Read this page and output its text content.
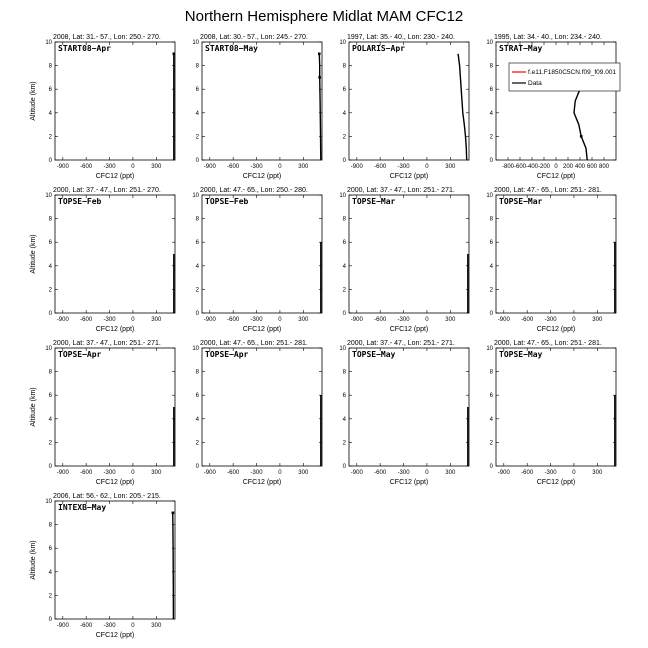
Northern Hemisphere Midlat MAM CFC12
2008, Lat: 31.- 57., Lon: 250.- 270.
START08−Apr
0
2
4
6
8
10
-900 -600 -300	0	300
CFC12 (ppt)
Altitude (km)
2008, Lat: 30.- 57., Lon: 245.- 270.
START08−May
0
2
4
6
8
10
-900 -600 -300	0	300
CFC12 (ppt)
1997, Lat: 35.- 40., Lon: 230.- 240.
POLARIS−Apr
0
2
4
6
8
10
-900 -600 -300	0	300
CFC12 (ppt)
1995, Lat: 34.- 40., Lon: 234.- 240.
STRAT−May
0
2
4
6
8
10
-800 -600 -400 -200 0 200 400 600 800
CFC12 (ppt)
f.e11.F1850C5CN.f09_f09.001
Data
2000, Lat: 37.- 47., Lon: 251.- 270.
TOPSE−Feb
0
2
4
6
8
10
-900 -600 -300	0	300
CFC12 (ppt)
Altitude (km)
2000, Lat: 47.- 65., Lon: 250.- 280.
TOPSE−Feb
0
2
4
6
8
10
-900 -600 -300	0	300
CFC12 (ppt)
2000, Lat: 37.- 47., Lon: 251.- 271.
TOPSE−Mar
0
2
4
6
8
10
-900 -600 -300	0	300
CFC12 (ppt)
2000, Lat: 47.- 65., Lon: 251.- 281.
TOPSE−Mar
0
2
4
6
8
10
-900 -600 -300	0	300
CFC12 (ppt)
2000, Lat: 37.- 47., Lon: 251.- 271.
TOPSE−Apr
0
2
4
6
8
10
-900 -600 -300	0	300
CFC12 (ppt)
Altitude (km)
2000, Lat: 47.- 65., Lon: 251.- 281.
TOPSE−Apr
0
2
4
6
8
10
-900 -600 -300	0	300
CFC12 (ppt)
2000, Lat: 37.- 47., Lon: 251.- 271.
TOPSE−May
0
2
4
6
8
10
-900 -600 -300	0	300
CFC12 (ppt)
2000, Lat: 47.- 65., Lon: 251.- 281.
TOPSE−May
0
2
4
6
8
10
-900 -600 -300	0	300
CFC12 (ppt)
2006, Lat: 56.- 62., Lon: 205.- 215.
INTEXB−May
0
2
4
6
8
10
-900 -600 -300	0	300
CFC12 (ppt)
Altitude (km)
